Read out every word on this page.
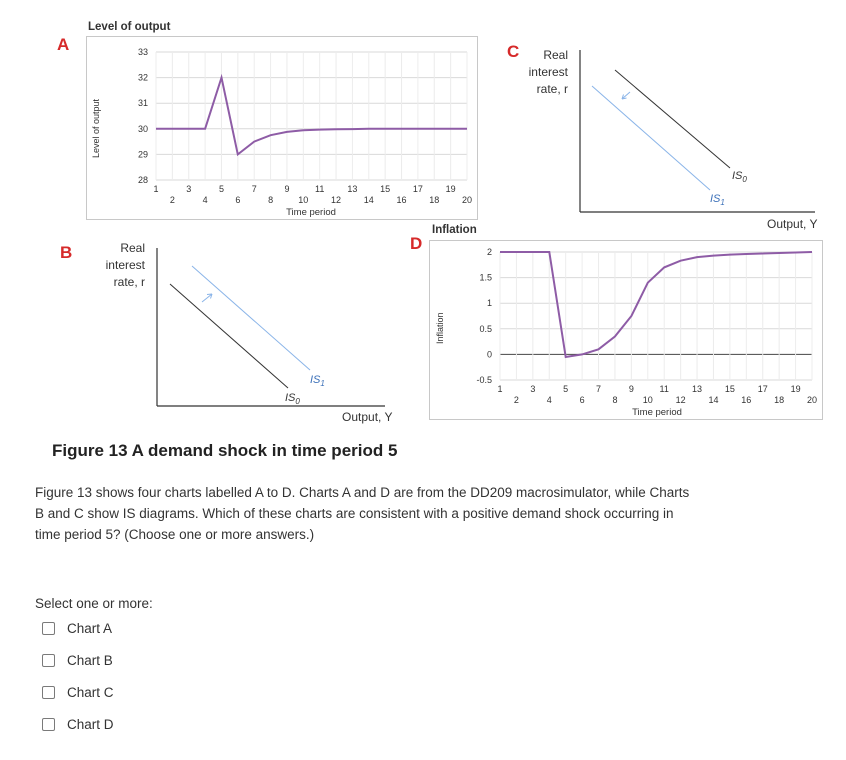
A
Level of output
Level of output
33
32
31
30
29
28
1	3	5	7	9	11	13	15	17	19
2	4	6	8	10	12	14	16	18	20
Time period
C	Real
interest
rate, r
$IS_0$
$IS_1$
Output, Y
B	Real
interest
rate, r
$IS_0$
$IS_1$
Output, Y
D
Inflation
Inflation
2
1.5
1
0.5
0
-0.5
1	3	5	7	9	11	13	15	17	19
2	4	6	8	10	12	14	16	18	20
Time period
Figure 13 A demand shock in time period 5
Figure 13 shows four charts labelled A to D. Charts A and D are from the DD209 macrosimulator, while Charts B and C show IS diagrams. Which of these charts are consistent with a positive demand shock occurring in time period 5? (Choose one or more answers.)
Select one or more:
Chart A
Chart B
Chart C
Chart D
